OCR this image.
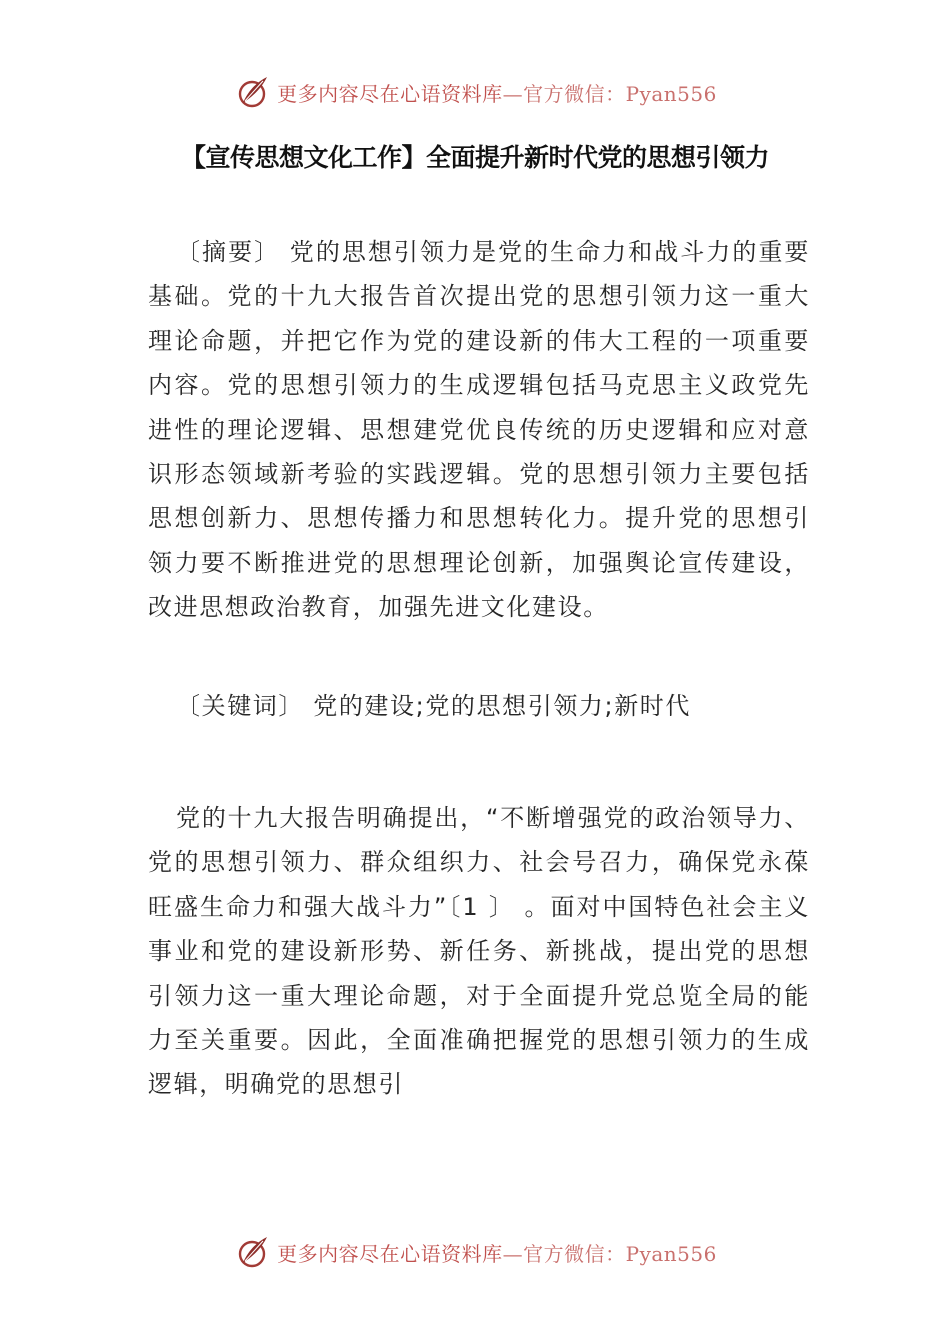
更多内容尽在心语资料库—官方微信：Pyan556
【宣传思想文化工作】全面提升新时代党的思想引领力

〔摘要〕 党的思想引领力是党的生命力和战斗力的重要基础。党的十九大报告首次提出党的思想引领力这一重大理论命题，并把它作为党的建设新的伟大工程的一项重要内容。党的思想引领力的生成逻辑包括马克思主义政党先进性的理论逻辑、思想建党优良传统的历史逻辑和应对意识形态领域新考验的实践逻辑。党的思想引领力主要包括思想创新力、思想传播力和思想转化力。提升党的思想引领力要不断推进党的思想理论创新，加强舆论宣传建设，改进思想政治教育，加强先进文化建设。

〔关键词〕 党的建设;党的思想引领力;新时代

党的十九大报告明确提出，“不断增强党的政治领导力、党的思想引领力、群众组织力、社会号召力，确保党永葆旺盛生命力和强大战斗力”〔1 〕 。面对中国特色社会主义事业和党的建设新形势、新任务、新挑战，提出党的思想引领力这一重大理论命题，对于全面提升党总览全局的能力至关重要。因此，全面准确把握党的思想引领力的生成逻辑，明确党的思想引

更多内容尽在心语资料库—官方微信：Pyan556
